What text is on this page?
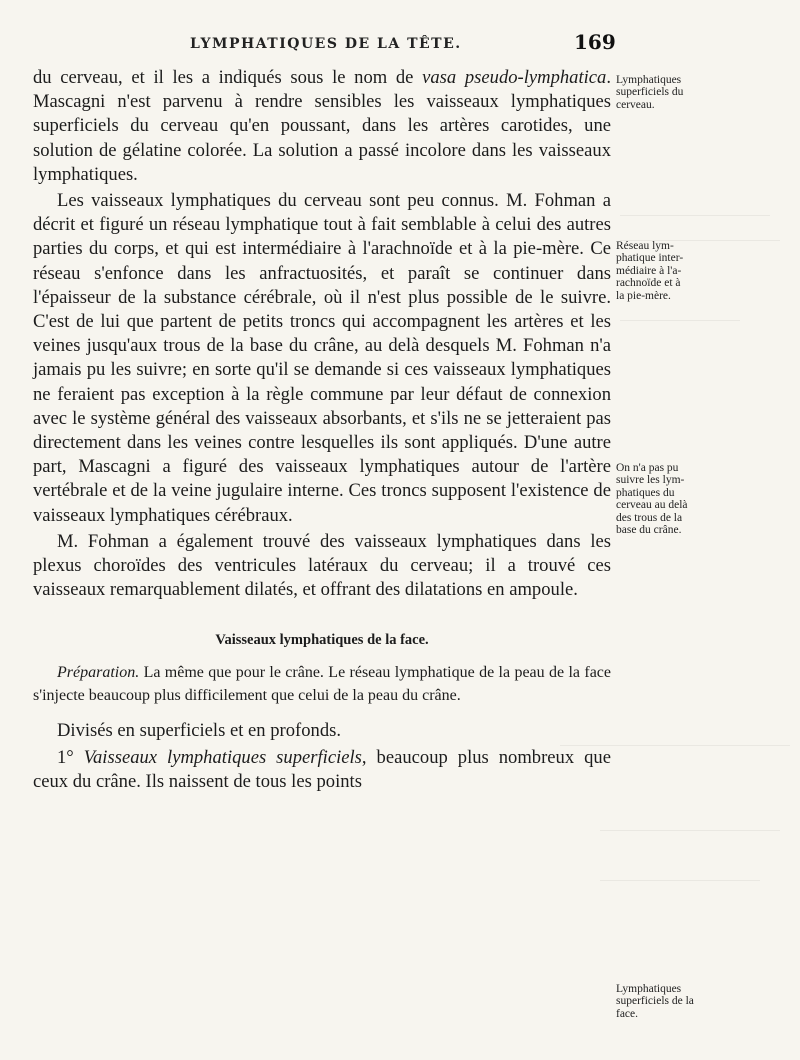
LYMPHATIQUES DE LA TÊTE.	169

du cerveau, et il les a indiqués sous le nom de vasa pseudo-lymphatica. Mascagni n'est parvenu à rendre sensibles les vaisseaux lymphatiques superficiels du cerveau qu'en poussant, dans les artères carotides, une solution de gélatine colorée. La solution a passé incolore dans les vaisseaux lymphatiques.

Les vaisseaux lymphatiques du cerveau sont peu connus. M. Fohman a décrit et figuré un réseau lymphatique tout à fait semblable à celui des autres parties du corps, et qui est intermédiaire à l'arachnoïde et à la pie-mère. Ce réseau s'enfonce dans les anfractuosités, et paraît se continuer dans l'épaisseur de la substance cérébrale, où il n'est plus possible de le suivre. C'est de lui que partent de petits troncs qui accompagnent les artères et les veines jusqu'aux trous de la base du crâne, au delà desquels M. Fohman n'a jamais pu les suivre; en sorte qu'il se demande si ces vaisseaux lymphatiques ne feraient pas exception à la règle commune par leur défaut de connexion avec le système général des vaisseaux absorbants, et s'ils ne se jetteraient pas directement dans les veines contre lesquelles ils sont appliqués. D'une autre part, Mascagni a figuré des vaisseaux lymphatiques autour de l'artère vertébrale et de la veine jugulaire interne. Ces troncs supposent l'existence de vaisseaux lymphatiques cérébraux.

M. Fohman a également trouvé des vaisseaux lymphatiques dans les plexus choroïdes des ventricules latéraux du cerveau; il a trouvé ces vaisseaux remarquablement dilatés, et offrant des dilatations en ampoule.

Vaisseaux lymphatiques de la face.

Préparation. La même que pour le crâne. Le réseau lymphatique de la peau de la face s'injecte beaucoup plus difficilement que celui de la peau du crâne.

Divisés en superficiels et en profonds.

1° Vaisseaux lymphatiques superficiels, beaucoup plus nombreux que ceux du crâne. Ils naissent de tous les points

Lymphatiques
superficiels du
cerveau.
Réseau lym-
phatique inter-
médiaire à l'a-
rachnoïde et à
la pie-mère.
On n'a pas pu
suivre les lym-
phatiques du
cerveau au delà
des trous de la
base du crâne.
Lymphatiques
superficiels de la
face.
